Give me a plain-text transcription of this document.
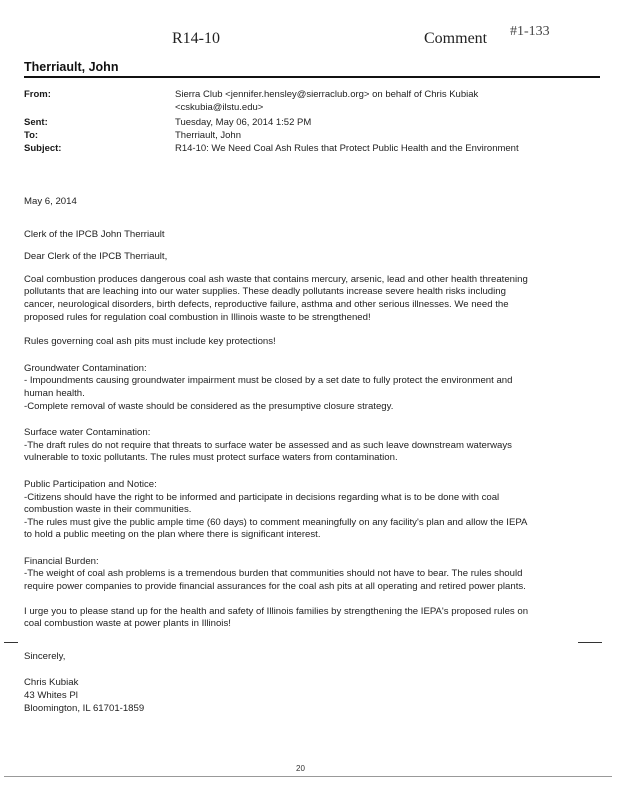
R14-10	Comment #1-133
Therriault, John
From:	Sierra Club <jennifer.hensley@sierraclub.org> on behalf of Chris Kubiak
<cskubia@ilstu.edu>
Sent:	Tuesday, May 06, 2014 1:52 PM
To:	Therriault, John
Subject:	R14-10: We Need Coal Ash Rules that Protect Public Health and the Environment

May 6, 2014

Clerk of the IPCB John Therriault

Dear Clerk of the IPCB Therriault,

Coal combustion produces dangerous coal ash waste that contains mercury, arsenic, lead and other health threatening
pollutants that are leaching into our water supplies. These deadly pollutants increase severe health risks including
cancer, neurological disorders, birth defects, reproductive failure, asthma and other serious illnesses. We need the
proposed rules for regulation coal combustion in Illinois waste to be strengthened!

Rules governing coal ash pits must include key protections!

Groundwater Contamination:
- Impoundments causing groundwater impairment must be closed by a set date to fully protect the environment and
human health.
-Complete removal of waste should be considered as the presumptive closure strategy.

Surface water Contamination:
-The draft rules do not require that threats to surface water be assessed and as such leave downstream waterways
vulnerable to toxic pollutants. The rules must protect surface waters from contamination.

Public Participation and Notice:
-Citizens should have the right to be informed and participate in decisions regarding what is to be done with coal
combustion waste in their communities.
-The rules must give the public ample time (60 days) to comment meaningfully on any facility's plan and allow the IEPA
to hold a public meeting on the plan where there is significant interest.

Financial Burden:
-The weight of coal ash problems is a tremendous burden that communities should not have to bear. The rules should
require power companies to provide financial assurances for the coal ash pits at all operating and retired power plants.

I urge you to please stand up for the health and safety of Illinois families by strengthening the IEPA's proposed rules on
coal combustion waste at power plants in Illinois!

Sincerely,

Chris Kubiak
43 Whites Pl
Bloomington, IL 61701-1859

20
